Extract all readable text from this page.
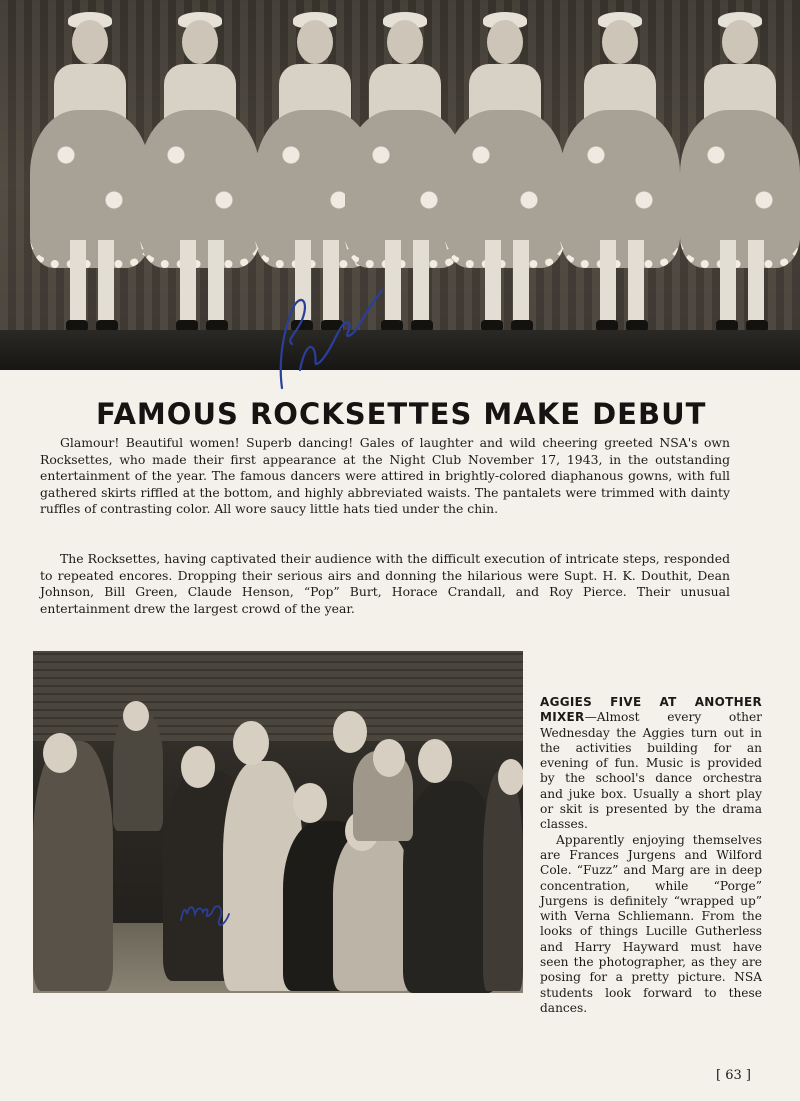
FAMOUS ROCKSETTES MAKE DEBUT

Glamour! Beautiful women! Superb dancing! Gales of laughter and wild cheering greeted NSA's own Rocksettes, who made their first appearance at the Night Club November 17, 1943, in the outstanding entertainment of the year. The famous dancers were attired in brightly-colored diaphanous gowns, with full gathered skirts riffled at the bottom, and highly abbreviated waists. The pantalets were trimmed with dainty ruffles of contrasting color. All wore saucy little hats tied under the chin.

The Rocksettes, having captivated their audience with the difficult execution of intricate steps, responded to repeated encores. Dropping their serious airs and donning the hilarious were Supt. H. K. Douthit, Dean Johnson, Bill Green, Claude Henson, “Pop” Burt, Horace Crandall, and Roy Pierce. Their unusual entertainment drew the largest crowd of the year.

AGGIES FIVE AT ANOTHER MIXER—Almost every other Wednesday the Aggies turn out in the activities building for an evening of fun. Music is provided by the school's dance orchestra and juke box. Usually a short play or skit is presented by the drama classes.
Apparently enjoying themselves are Frances Jurgens and Wilford Cole. “Fuzz” and Marg are in deep concentration, while “Porge” Jurgens is definitely “wrapped up” with Verna Schliemann. From the looks of things Lucille Gutherless and Harry Hayward must have seen the photographer, as they are posing for a pretty picture. NSA students look forward to these dances.

[ 63 ]
